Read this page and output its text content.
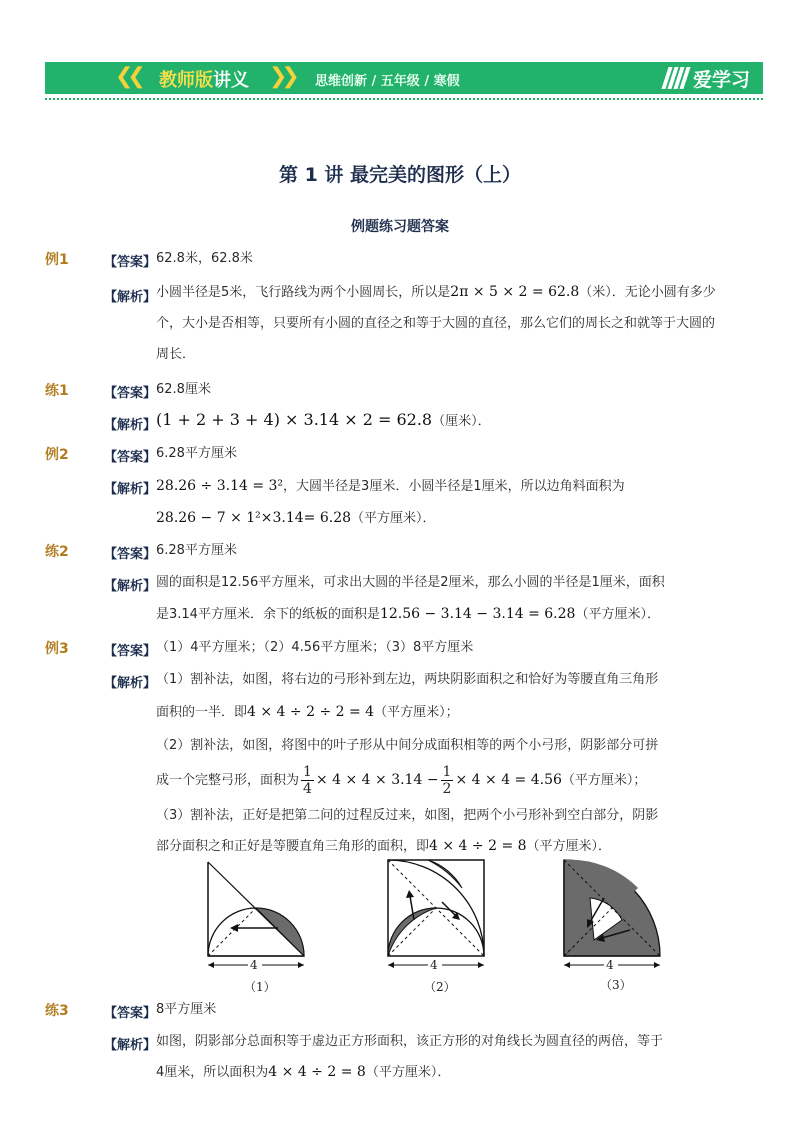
❮❮ 教师版讲义 ❯❯ 思维创新 / 五年级 / 寒假	爱学习
第 1 讲 最完美的图形（上）
例题练习题答案
例1	【答案】 62.8米，62.8米
【解析】 小圆半径是5米，飞行路线为两个小圆周长，所以是2π × 5 × 2 = 62.8（米）．无论小圆有多少个，大小是否相等，只要所有小圆的直径之和等于大圆的直径，那么它们的周长之和就等于大圆的周长．
练1	【答案】 62.8厘米
【解析】 (1 + 2 + 3 + 4) × 3.14 × 2 = 62.8（厘米）．
例2	【答案】 6.28平方厘米
【解析】 28.26 ÷ 3.14 = 3²，大圆半径是3厘米．小圆半径是1厘米，所以边角料面积为
28.26 − 7 × 1²×3.14= 6.28（平方厘米）．
练2	【答案】 6.28平方厘米
【解析】 圆的面积是12.56平方厘米，可求出大圆的半径是2厘米，那么小圆的半径是1厘米，面积
是3.14平方厘米．余下的纸板的面积是12.56 − 3.14 − 3.14 = 6.28（平方厘米）．
例3	【答案】 （1）4平方厘米；（2）4.56平方厘米；（3）8平方厘米
【解析】 （1）割补法，如图，将右边的弓形补到左边，两块阴影面积之和恰好为等腰直角三角形
面积的一半．即4 × 4 ÷ 2 ÷ 2 = 4（平方厘米）；
（2）割补法，如图，将图中的叶子形从中间分成面积相等的两个小弓形，阴影部分可拼
成一个完整弓形，面积为 $\frac{1}{4} \times 4 \times 4 \times 3.14 - \frac{1}{2} \times 4 \times 4 = 4.56$（平方厘米）；
（3）割补法，正好是把第二问的过程反过来，如图，把两个小弓形补到空白部分，阴影
部分面积之和正好是等腰直角三角形的面积，即4 × 4 ÷ 2 = 8（平方厘米）．
4
（1）
4
（2）
4
（3）
练3	【答案】 8平方厘米
【解析】 如图，阴影部分总面积等于虚边正方形面积，该正方形的对角线长为圆直径的两倍，等于
4厘米，所以面积为4 × 4 ÷ 2 = 8（平方厘米）．
